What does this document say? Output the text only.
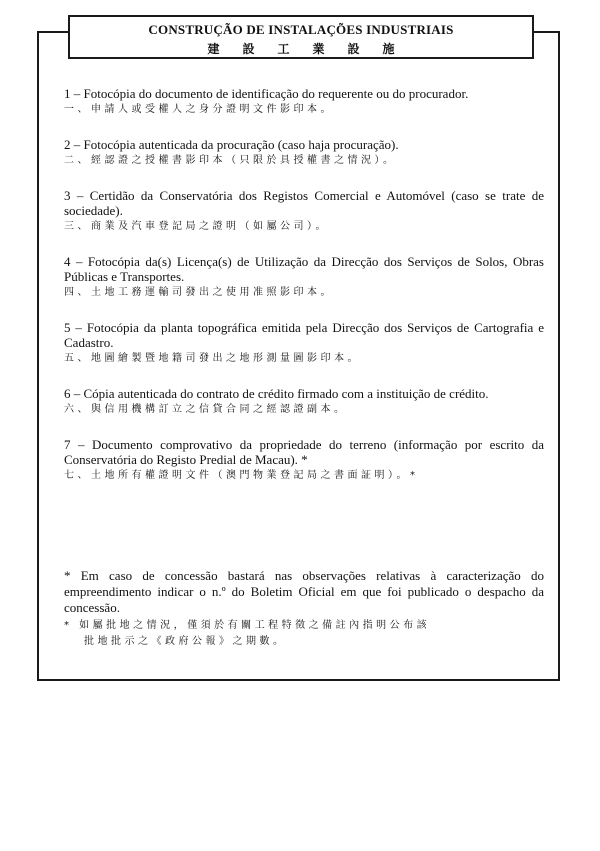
CONSTRUÇÃO DE INSTALAÇÕES INDUSTRIAIS
建 設 工 業 設 施
1 – Fotocópia do documento de identificação do requerente ou do procurador.
一、申請人或受權人之身分證明文件影印本。
2 – Fotocópia autenticada da procuração (caso haja procuração).
二、經認證之授權書影印本（只限於具授權書之情況）。
3 – Certidão da Conservatória dos Registos Comercial e Automóvel (caso se trate de sociedade).
三、商業及汽車登記局之證明（如屬公司）。
4 – Fotocópia da(s) Licença(s) de Utilização da Direcção dos Serviços de Solos, Obras Públicas e Transportes.
四、土地工務運輸司發出之使用准照影印本。
5 – Fotocópia da planta topográfica emitida pela Direcção dos Serviços de Cartografia e Cadastro.
五、地圖繪製暨地籍司發出之地形測量圖影印本。
6 – Cópia autenticada do contrato de crédito firmado com a instituição de crédito.
六、與信用機構訂立之信貸合同之經認證副本。
7 – Documento comprovativo da propriedade do terreno (informação por escrito da Conservatória do Registo Predial de Macau). *
七、土地所有權證明文件（澳門物業登記局之書面証明）。*
* Em caso de concessão bastará nas observações relativas à caracterização do empreendimento indicar o n.º do Boletim Oficial em que foi publicado o despacho da concessão.
* 如屬批地之情況，僅須於有關工程特徵之備註內指明公布該
批地批示之《政府公報》之期數。
